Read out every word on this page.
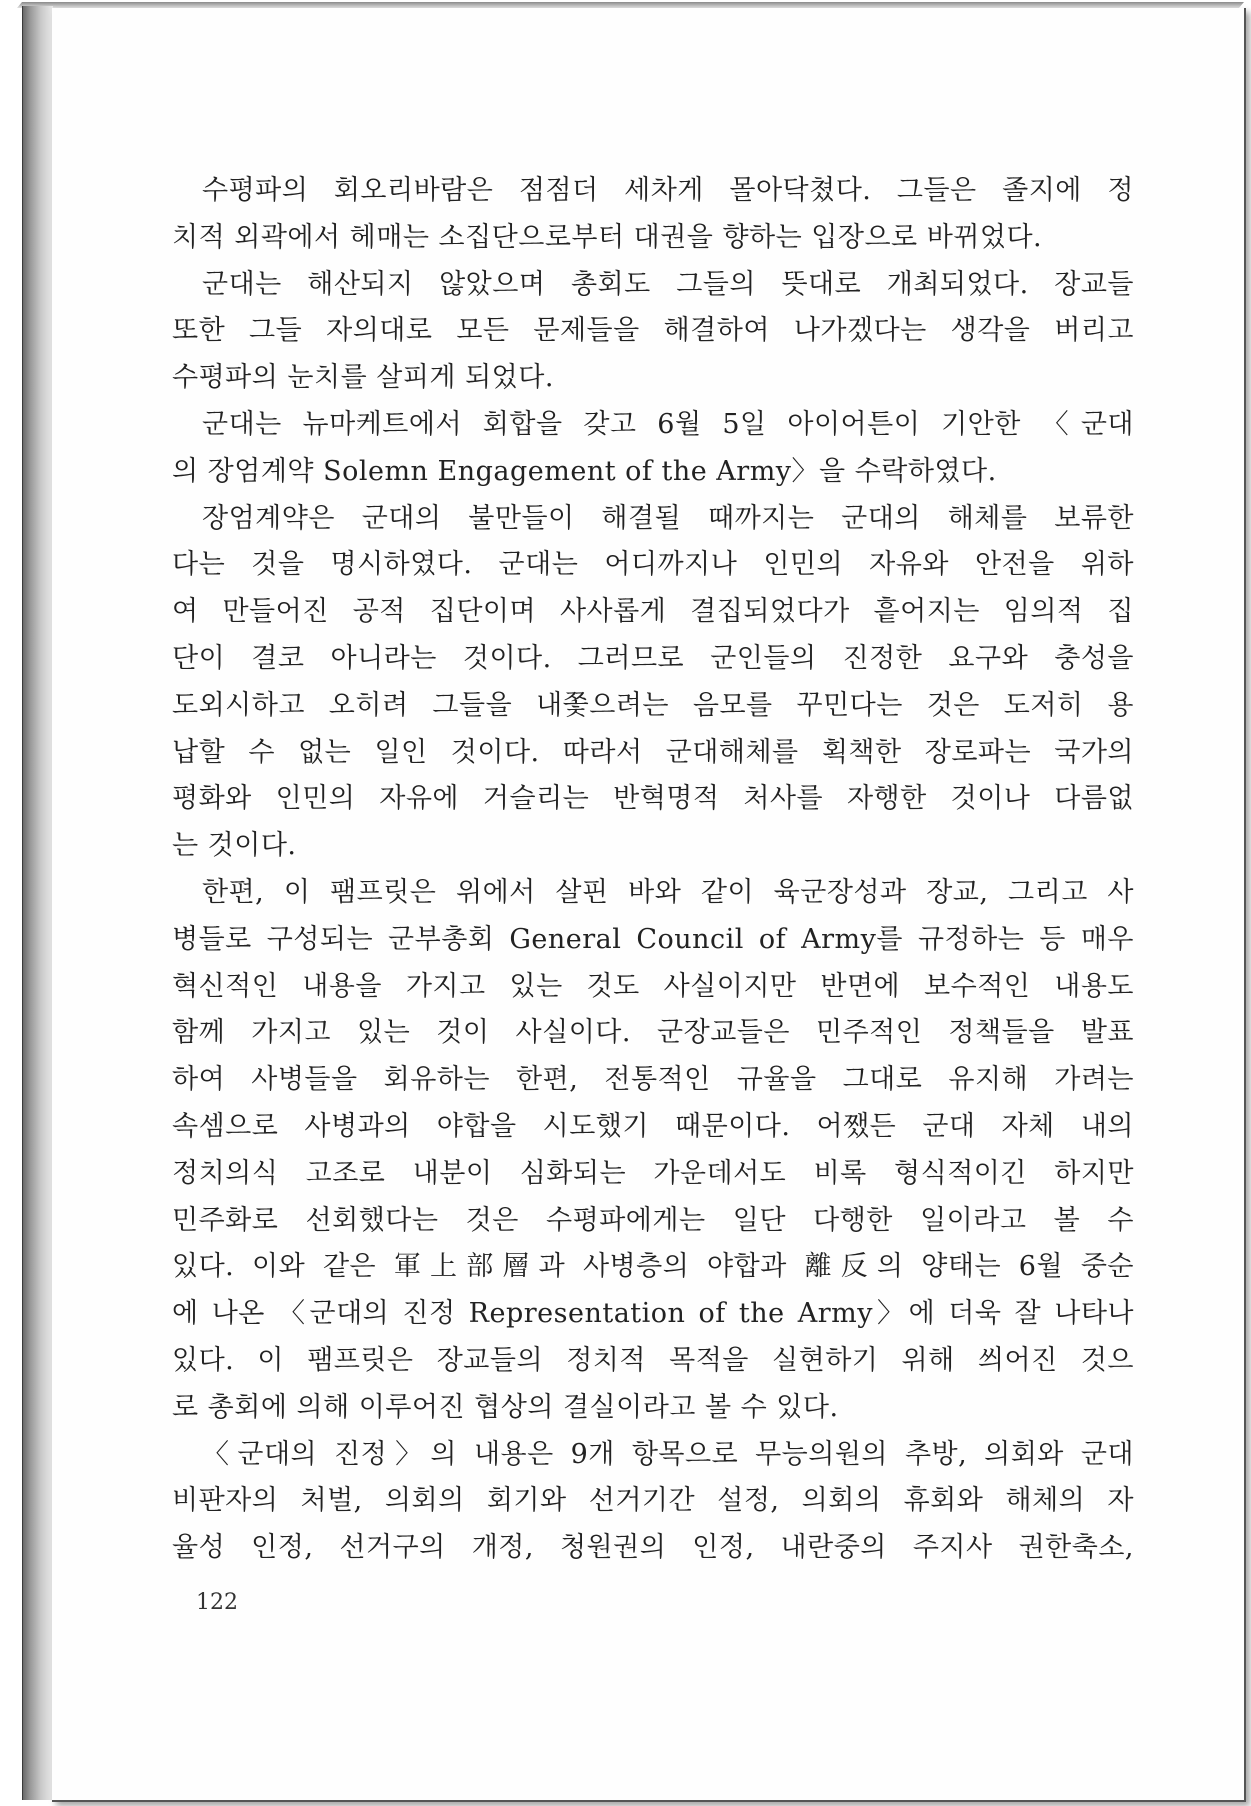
수평파의 회오리바람은 점점더 세차게 몰아닥쳤다. 그들은 졸지에 정
치적 외곽에서 헤매는 소집단으로부터 대권을 향하는 입장으로 바뀌었다.
군대는 해산되지 않았으며 총회도 그들의 뜻대로 개최되었다. 장교들
또한 그들 자의대로 모든 문제들을 해결하여 나가겠다는 생각을 버리고
수평파의 눈치를 살피게 되었다.
군대는 뉴마케트에서 회합을 갖고 6월 5일 아이어튼이 기안한 〈군대
의 장엄계약 Solemn Engagement of the Army〉을 수락하였다.
장엄계약은 군대의 불만들이 해결될 때까지는 군대의 해체를 보류한
다는 것을 명시하였다. 군대는 어디까지나 인민의 자유와 안전을 위하
여 만들어진 공적 집단이며 사사롭게 결집되었다가 흩어지는 임의적 집
단이 결코 아니라는 것이다. 그러므로 군인들의 진정한 요구와 충성을
도외시하고 오히려 그들을 내쫓으려는 음모를 꾸민다는 것은 도저히 용
납할 수 없는 일인 것이다. 따라서 군대해체를 획책한 장로파는 국가의
평화와 인민의 자유에 거슬리는 반혁명적 처사를 자행한 것이나 다름없
는 것이다.
한편, 이 팸프릿은 위에서 살핀 바와 같이 육군장성과 장교, 그리고 사
병들로 구성되는 군부총회 General Council of Army를 규정하는 등 매우
혁신적인 내용을 가지고 있는 것도 사실이지만 반면에 보수적인 내용도
함께 가지고 있는 것이 사실이다. 군장교들은 민주적인 정책들을 발표
하여 사병들을 회유하는 한편, 전통적인 규율을 그대로 유지해 가려는
속셈으로 사병과의 야합을 시도했기 때문이다. 어쨌든 군대 자체 내의
정치의식 고조로 내분이 심화되는 가운데서도 비록 형식적이긴 하지만
민주화로 선회했다는 것은 수평파에게는 일단 다행한 일이라고 볼 수
있다. 이와 같은 軍上部層과 사병층의 야합과 離反의 양태는 6월 중순
에 나온 〈군대의 진정 Representation of the Army〉에 더욱 잘 나타나
있다. 이 팸프릿은 장교들의 정치적 목적을 실현하기 위해 씌어진 것으
로 총회에 의해 이루어진 협상의 결실이라고 볼 수 있다.
〈군대의 진정〉의 내용은 9개 항목으로 무능의원의 추방, 의회와 군대
비판자의 처벌, 의회의 회기와 선거기간 설정, 의회의 휴회와 해체의 자
율성 인정, 선거구의 개정, 청원권의 인정, 내란중의 주지사 권한축소,
122
